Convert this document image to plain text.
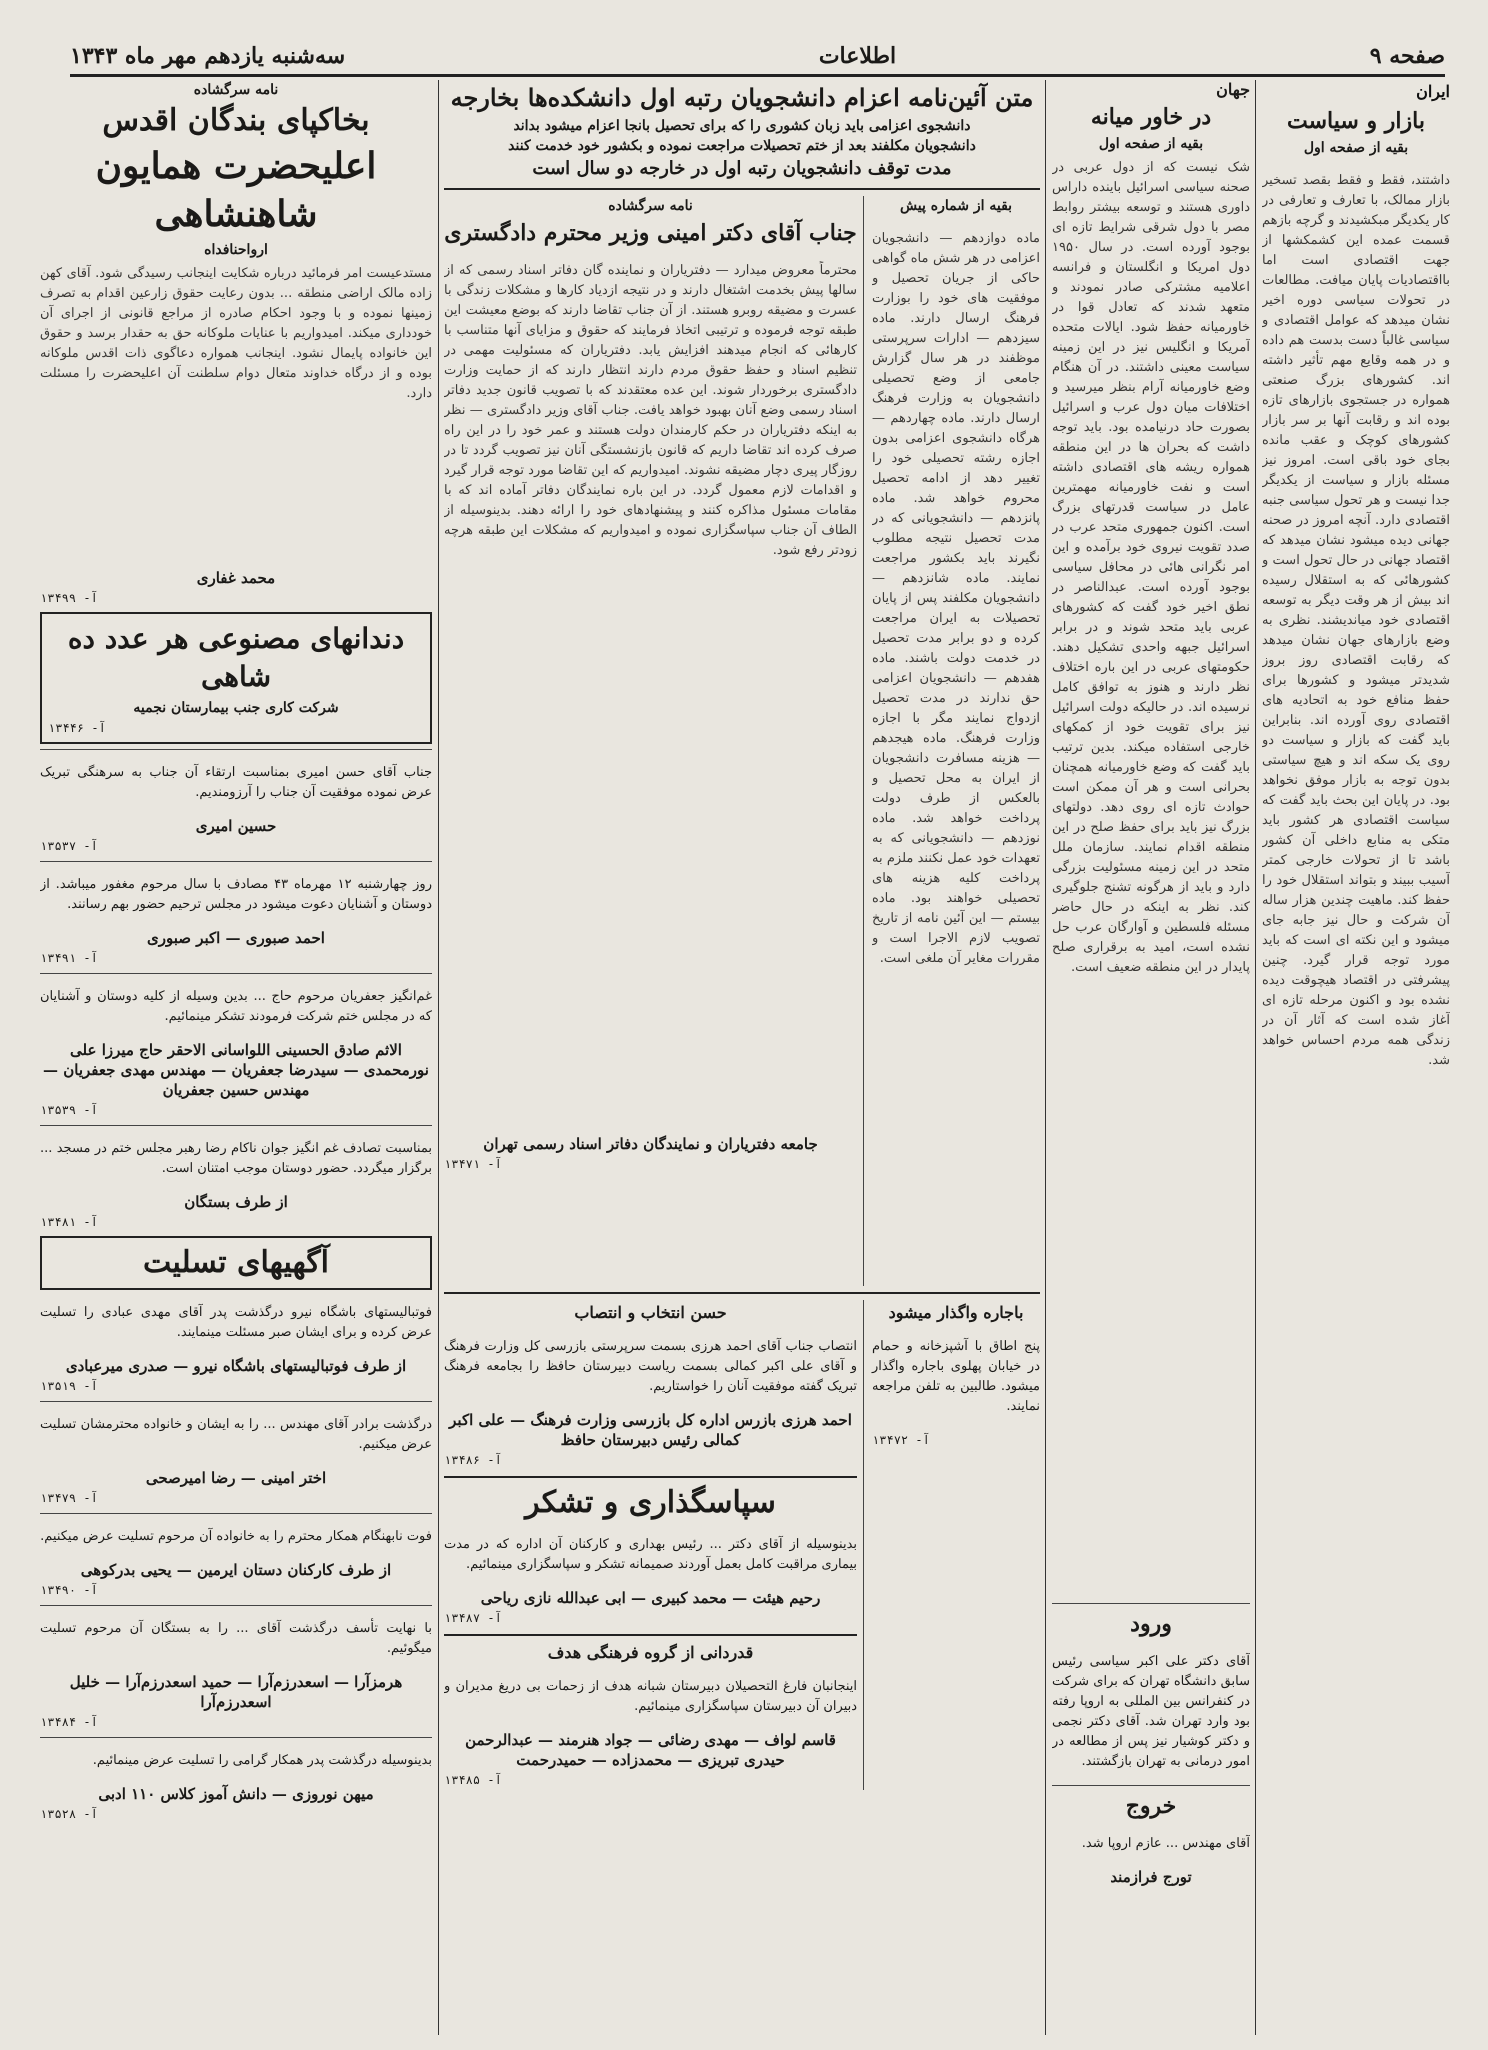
صفحه ۹
اطلاعات
سه‌شنبه یازدهم مهر ماه ۱۳۴۳
ایران
بازار و سیاست
بقیه از صفحه اول

داشتند، فقط و فقط بقصد تسخیر بازار ممالک، با تعارف و تعارفی در کار یکدیگر مبکشیدند و گرچه بازهم قسمت عمده این کشمکشها از جهت اقتصادی است اما بااقتصادیات پایان میافت. مطالعات در تحولات سیاسی دوره اخیر نشان میدهد که عوامل اقتصادی و سیاسی غالباً دست بدست هم داده و در همه وقایع مهم تأثیر داشته اند. کشورهای بزرگ صنعتی همواره در جستجوی بازارهای تازه بوده اند و رقابت آنها بر سر بازار کشورهای کوچک و عقب مانده بجای خود باقی است. امروز نیز مسئله بازار و سیاست از یکدیگر جدا نیست و هر تحول سیاسی جنبه اقتصادی دارد. آنچه امروز در صحنه جهانی دیده میشود نشان میدهد که اقتصاد جهانی در حال تحول است و کشورهائی که به استقلال رسیده اند بیش از هر وقت دیگر به توسعه اقتصادی خود میاندیشند. نظری به وضع بازارهای جهان نشان میدهد که رقابت اقتصادی روز بروز شدیدتر میشود و کشورها برای حفظ منافع خود به اتحادیه های اقتصادی روی آورده اند. بنابراین باید گفت که بازار و سیاست دو روی یک سکه اند و هیچ سیاستی بدون توجه به بازار موفق نخواهد بود. در پایان این بحث باید گفت که سیاست اقتصادی هر کشور باید متکی به منابع داخلی آن کشور باشد تا از تحولات خارجی کمتر آسیب ببیند و بتواند استقلال خود را حفظ کند. ماهیت چندین هزار ساله آن شرکت و حال نیز جابه جای میشود و این نکته ای است که باید مورد توجه قرار گیرد. چنین پیشرفتی در اقتصاد هیچوقت دیده نشده بود و اکنون مرحله تازه ای آغاز شده است که آثار آن در زندگی همه مردم احساس خواهد شد.

جهان
در خاور میانه
بقیه از صفحه اول

شک نیست که از دول عربی در صحنه سیاسی اسرائیل باینده داراس داوری هستند و توسعه بیشتر روابط مصر با دول شرقی شرایط تازه ای بوجود آورده است. در سال ۱۹۵۰ دول امریکا و انگلستان و فرانسه اعلامیه مشترکی صادر نمودند و متعهد شدند که تعادل قوا در خاورمیانه حفظ شود. ایالات متحده آمریکا و انگلیس نیز در این زمینه سیاست معینی داشتند. در آن هنگام وضع خاورمیانه آرام بنظر میرسید و اختلافات میان دول عرب و اسرائیل بصورت حاد درنیامده بود. باید توجه داشت که بحران ها در این منطقه همواره ریشه های اقتصادی داشته است و نفت خاورمیانه مهمترین عامل در سیاست قدرتهای بزرگ است. اکنون جمهوری متحد عرب در صدد تقویت نیروی خود برآمده و این امر نگرانی هائی در محافل سیاسی بوجود آورده است. عبدالناصر در نطق اخیر خود گفت که کشورهای عربی باید متحد شوند و در برابر اسرائیل جبهه واحدی تشکیل دهند. حکومتهای عربی در این باره اختلاف نظر دارند و هنوز به توافق کامل نرسیده اند. در حالیکه دولت اسرائیل نیز برای تقویت خود از کمکهای خارجی استفاده میکند. بدین ترتیب باید گفت که وضع خاورمیانه همچنان بحرانی است و هر آن ممکن است حوادث تازه ای روی دهد. دولتهای بزرگ نیز باید برای حفظ صلح در این منطقه اقدام نمایند. سازمان ملل متحد در این زمینه مسئولیت بزرگی دارد و باید از هرگونه تشنج جلوگیری کند. نظر به اینکه در حال حاضر مسئله فلسطین و آوارگان عرب حل نشده است، امید به برقراری صلح پایدار در این منطقه ضعیف است.

ورود

آقای دکتر علی اکبر سیاسی رئیس سابق دانشگاه تهران که برای شرکت در کنفرانس بین المللی به اروپا رفته بود وارد تهران شد. آقای دکتر نجمی و دکتر کوشیار نیز پس از مطالعه در امور درمانی به تهران بازگشتند.

خروج

آقای مهندس ... عازم اروپا شد.

تورج فرازمند
متن آئین‌نامه اعزام دانشجویان رتبه اول دانشکده‌ها بخارجه
دانشجوی اعزامی باید زبان کشوری را که برای تحصیل بانجا اعزام میشود بداند
دانشجویان مکلفند بعد از ختم تحصیلات مراجعت نموده و بکشور خود خدمت کنند
مدت توقف دانشجویان رتبه اول در خارجه دو سال است
بقیه از شماره پیش

ماده دوازدهم — دانشجویان اعزامی در هر شش ماه گواهی حاکی از جریان تحصیل و موفقیت های خود را بوزارت فرهنگ ارسال دارند. ماده سیزدهم — ادارات سرپرستی موظفند در هر سال گزارش جامعی از وضع تحصیلی دانشجویان به وزارت فرهنگ ارسال دارند. ماده چهاردهم — هرگاه دانشجوی اعزامی بدون اجازه رشته تحصیلی خود را تغییر دهد از ادامه تحصیل محروم خواهد شد. ماده پانزدهم — دانشجویانی که در مدت تحصیل نتیجه مطلوب نگیرند باید بکشور مراجعت نمایند. ماده شانزدهم — دانشجویان مکلفند پس از پایان تحصیلات به ایران مراجعت کرده و دو برابر مدت تحصیل در خدمت دولت باشند. ماده هفدهم — دانشجویان اعزامی حق ندارند در مدت تحصیل ازدواج نمایند مگر با اجازه وزارت فرهنگ. ماده هیجدهم — هزینه مسافرت دانشجویان از ایران به محل تحصیل و بالعکس از طرف دولت پرداخت خواهد شد. ماده نوزدهم — دانشجویانی که به تعهدات خود عمل نکنند ملزم به پرداخت کلیه هزینه های تحصیلی خواهند بود. ماده بیستم — این آئین نامه از تاریخ تصویب لازم الاجرا است و مقررات مغایر آن ملغی است.

نامه سرگشاده
جناب آقای دکتر امینی وزیر محترم دادگستری

محترماً معروض میدارد — دفتریاران و نماینده گان دفاتر اسناد رسمی که از سالها پیش بخدمت اشتغال دارند و در نتیجه ازدیاد کارها و مشکلات زندگی با عسرت و مضیقه روبرو هستند. از آن جناب تقاضا دارند که بوضع معیشت این طبقه توجه فرموده و ترتیبی اتخاذ فرمایند که حقوق و مزایای آنها متناسب با کارهائی که انجام میدهند افزایش یابد. دفتریاران که مسئولیت مهمی در تنظیم اسناد و حفظ حقوق مردم دارند انتظار دارند که از حمایت وزارت دادگستری برخوردار شوند. این عده معتقدند که با تصویب قانون جدید دفاتر اسناد رسمی وضع آنان بهبود خواهد یافت. جناب آقای وزیر دادگستری — نظر به اینکه دفتریاران در حکم کارمندان دولت هستند و عمر خود را در این راه صرف کرده اند تقاضا داریم که قانون بازنشستگی آنان نیز تصویب گردد تا در روزگار پیری دچار مضیقه نشوند. امیدواریم که این تقاضا مورد توجه قرار گیرد و اقدامات لازم معمول گردد. در این باره نمایندگان دفاتر آماده اند که با مقامات مسئول مذاکره کنند و پیشنهادهای خود را ارائه دهند. بدینوسیله از الطاف آن جناب سپاسگزاری نموده و امیدواریم که مشکلات این طبقه هرچه زودتر رفع شود.

جامعه دفتریاران و نمایندگان دفاتر اسناد رسمی تهران
آ- ۱۳۴۷۱
باجاره واگذار میشود

پنج اطاق با آشپزخانه و حمام در خیابان پهلوی باجاره واگذار میشود. طالبین به تلفن مراجعه نمایند.

آ- ۱۳۴۷۲
حسن انتخاب و انتصاب

انتصاب جناب آقای احمد هرزی بسمت سرپرستی بازرسی کل وزارت فرهنگ و آقای علی اکبر کمالی بسمت ریاست دبیرستان حافظ را بجامعه فرهنگ تبریک گفته موفقیت آنان را خواستاریم.

احمد هرزی بازرس اداره کل بازرسی وزارت فرهنگ — علی اکبر کمالی رئیس دبیرستان حافظ
آ- ۱۳۴۸۶
سپاسگذاری و تشکر

بدینوسیله از آقای دکتر ... رئیس بهداری و کارکنان آن اداره که در مدت بیماری مراقبت کامل بعمل آوردند صمیمانه تشکر و سپاسگزاری مینمائیم.

رحیم هیئت — محمد کبیری — ابی عبدالله نازی ریاحی
آ- ۱۳۴۸۷
قدردانی از گروه فرهنگی هدف

اینجانبان فارغ التحصیلان دبیرستان شبانه هدف از زحمات بی دریغ مدیران و دبیران آن دبیرستان سپاسگزاری مینمائیم.

قاسم لواف — مهدی رضائی — جواد هنرمند — عبدالرحمن حیدری تبریزی — محمدزاده — حمیدرحمت
آ- ۱۳۴۸۵
نامه سرگشاده
بخاکپای بندگان اقدس
اعلیحضرت همایون شاهنشاهی
ارواحنافداه

مستدعیست امر فرمائید درباره شکایت اینجانب رسیدگی شود. آقای کهن زاده مالک اراضی منطقه ... بدون رعایت حقوق زارعین اقدام به تصرف زمینها نموده و با وجود احکام صادره از مراجع قانونی از اجرای آن خودداری میکند. امیدواریم با عنایات ملوکانه حق به حقدار برسد و حقوق این خانواده پایمال نشود. اینجانب همواره دعاگوی ذات اقدس ملوکانه بوده و از درگاه خداوند متعال دوام سلطنت آن اعلیحضرت را مسئلت دارد.

محمد غفاری
آ- ۱۳۴۹۹
دندانهای مصنوعی هر عدد ده شاهی
شرکت کاری جنب بیمارستان نجمیه
آ- ۱۳۴۴۶

جناب آقای حسن امیری بمناسبت ارتقاء آن جناب به سرهنگی تبریک عرض نموده موفقیت آن جناب را آرزومندیم.

حسین امیری
آ- ۱۳۵۳۷

روز چهارشنبه ۱۲ مهرماه ۴۳ مصادف با سال مرحوم مغفور میباشد. از دوستان و آشنایان دعوت میشود در مجلس ترحیم حضور بهم رسانند.

احمد صبوری — اکبر صبوری
آ- ۱۳۴۹۱

غم‌انگیز جعفریان مرحوم حاج ... بدین وسیله از کلیه دوستان و آشنایان که در مجلس ختم شرکت فرمودند تشکر مینمائیم.

الاثم صادق الحسینی اللواسانی الاحقر حاج میرزا علی نورمحمدی — سیدرضا جعفریان — مهندس مهدی جعفریان — مهندس حسین جعفریان
آ- ۱۳۵۳۹

بمناسبت تصادف غم انگیز جوان ناکام رضا رهبر مجلس ختم در مسجد ... برگزار میگردد. حضور دوستان موجب امتنان است.

از طرف بستگان
آ- ۱۳۴۸۱
آگهیهای تسلیت

فوتبالیستهای باشگاه نیرو درگذشت پدر آقای مهدی عبادی را تسلیت عرض کرده و برای ایشان صبر مسئلت مینمایند.

از طرف فوتبالیستهای باشگاه نیرو — صدری میرعبادی
آ- ۱۳۵۱۹

درگذشت برادر آقای مهندس ... را به ایشان و خانواده محترمشان تسلیت عرض میکنیم.

اختر امینی — رضا امیرصحی
آ- ۱۳۴۷۹

فوت نابهنگام همکار محترم را به خانواده آن مرحوم تسلیت عرض میکنیم.

از طرف کارکنان دستان ایرمین — یحیی بدرکوهی
آ- ۱۳۴۹۰

با نهایت تأسف درگذشت آقای ... را به بستگان آن مرحوم تسلیت میگوئیم.

هرمزآرا — اسعدرزم‌آرا — حمید اسعدرزم‌آرا — خلیل اسعدرزم‌آرا
آ- ۱۳۴۸۴

بدینوسیله درگذشت پدر همکار گرامی را تسلیت عرض مینمائیم.

میهن نوروزی — دانش آموز کلاس ۱۱۰ ادبی
آ- ۱۳۵۲۸
